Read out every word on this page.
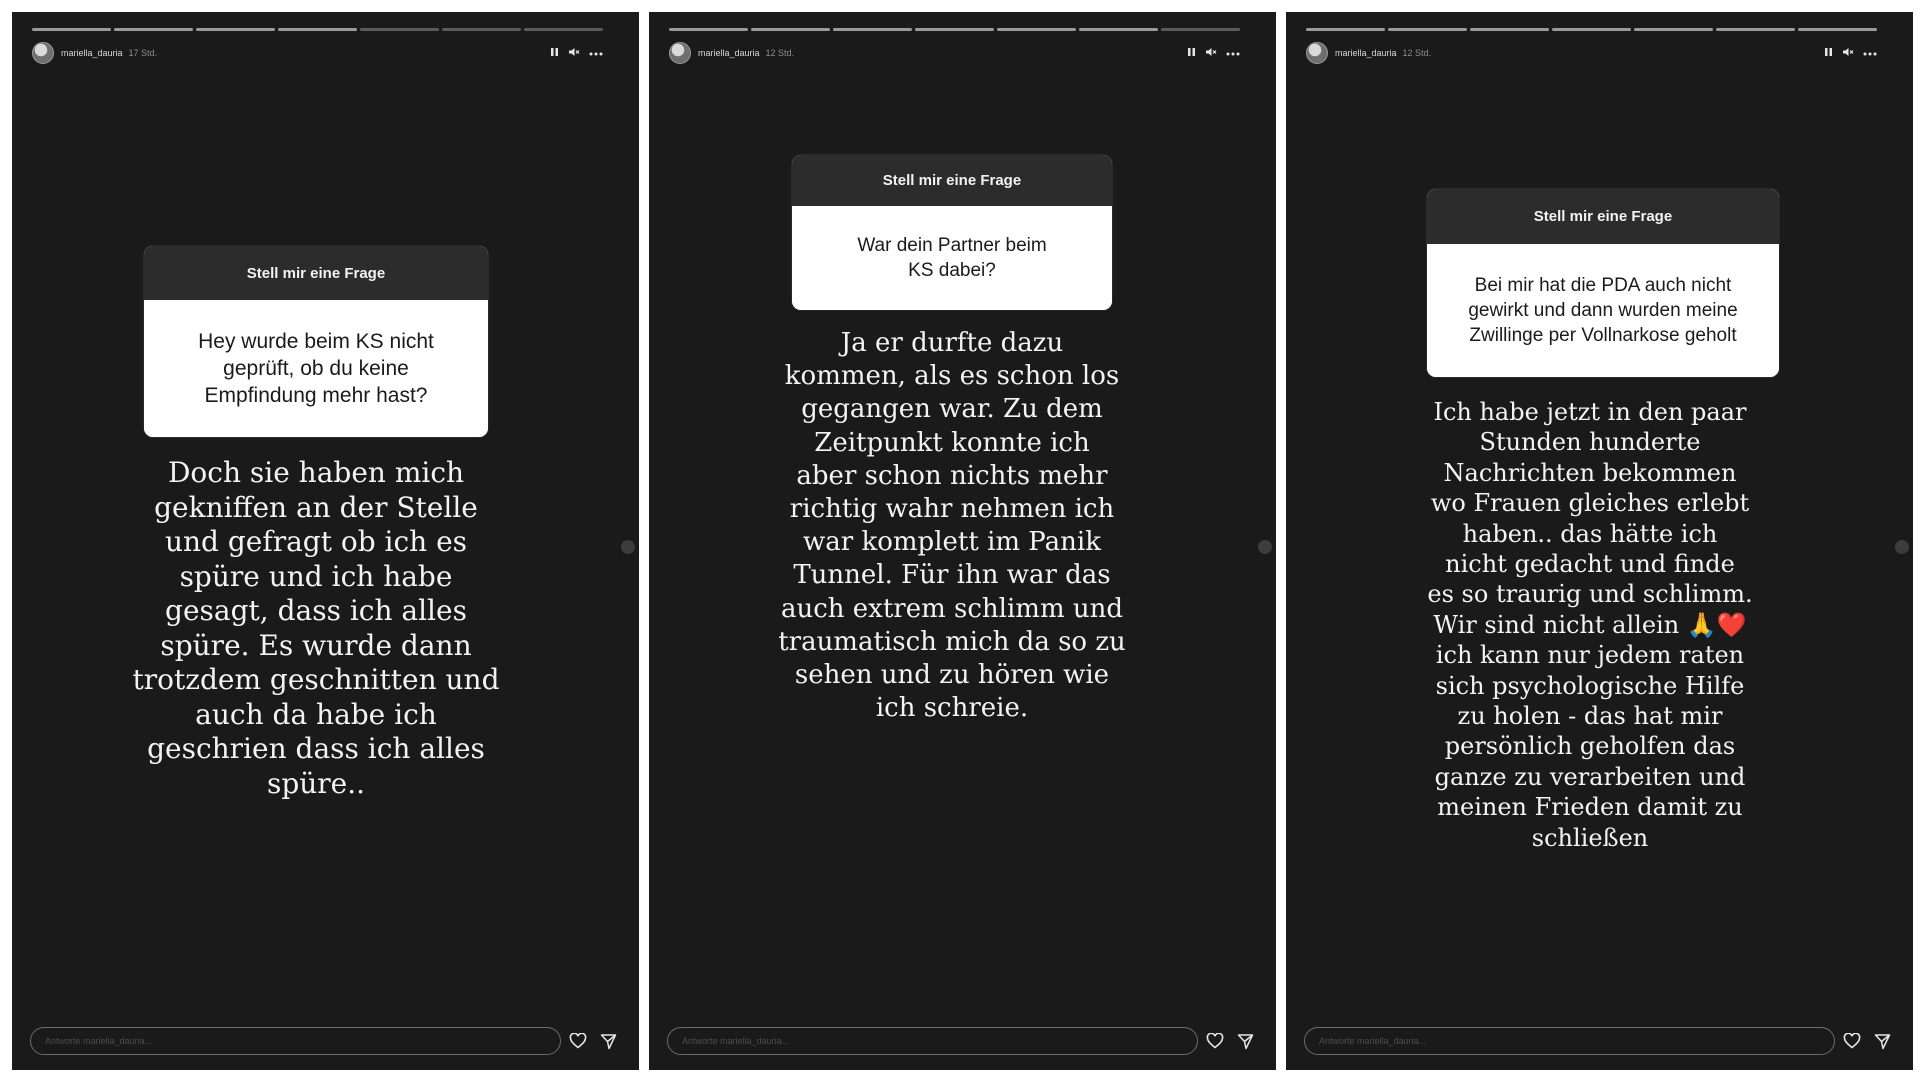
mariella_dauria 17 Std.
Stell mir eine Frage
Hey wurde beim KS nicht
geprüft, ob du keine
Empfindung mehr hast?
Doch sie haben mich
gekniffen an der Stelle
und gefragt ob ich es
spüre und ich habe
gesagt, dass ich alles
spüre. Es wurde dann
trotzdem geschnitten und
auch da habe ich
geschrien dass ich alles
spüre..
Antworte mariella_dauria...
mariella_dauria 12 Std.
Stell mir eine Frage
War dein Partner beim
KS dabei?
Ja er durfte dazu
kommen, als es schon los
gegangen war. Zu dem
Zeitpunkt konnte ich
aber schon nichts mehr
richtig wahr nehmen ich
war komplett im Panik
Tunnel. Für ihn war das
auch extrem schlimm und
traumatisch mich da so zu
sehen und zu hören wie
ich schreie.
Antworte mariella_dauria...
mariella_dauria 12 Std.
Stell mir eine Frage
Bei mir hat die PDA auch nicht
gewirkt und dann wurden meine
Zwillinge per Vollnarkose geholt
Ich habe jetzt in den paar
Stunden hunderte
Nachrichten bekommen
wo Frauen gleiches erlebt
haben.. das hätte ich
nicht gedacht und finde
es so traurig und schlimm.
Wir sind nicht allein 🙏❤️
ich kann nur jedem raten
sich psychologische Hilfe
zu holen - das hat mir
persönlich geholfen das
ganze zu verarbeiten und
meinen Frieden damit zu
schließen
Antworte mariella_dauria...
